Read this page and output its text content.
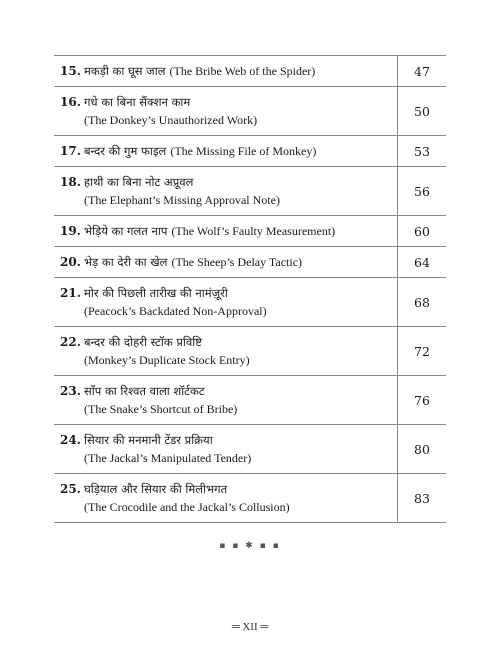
15. मकड़ी का घूस जाल (The Bribe Web of the Spider)	47

16. गधे का बिना सैंक्शन काम
(The Donkey’s Unauthorized Work)	50

17. बन्दर की गुम फाइल (The Missing File of Monkey)	53

18. हाथी का बिना नोट अप्रूवल
(The Elephant’s Missing Approval Note)	56

19. भेड़िये का गलत नाप (The Wolf’s Faulty Measurement)	60

20. भेड़ का देरी का खेल (The Sheep’s Delay Tactic)	64

21. मोर की पिछली तारीख की नामंज़ूरी
(Peacock’s Backdated Non-Approval)	68

22. बन्दर की दोहरी स्टॉक प्रविष्टि
(Monkey’s Duplicate Stock Entry)	72

23. साँप का रिश्वत वाला शॉर्टकट
(The Snake’s Shortcut of Bribe)	76

24. सियार की मनमानी टेंडर प्रक्रिया
(The Jackal’s Manipulated Tender)	80

25. घड़ियाल और सियार की मिलीभगत
(The Crocodile and the Jackal’s Collusion)	83
▪ ▪ ✱ ▪ ▪
═ XII ═
